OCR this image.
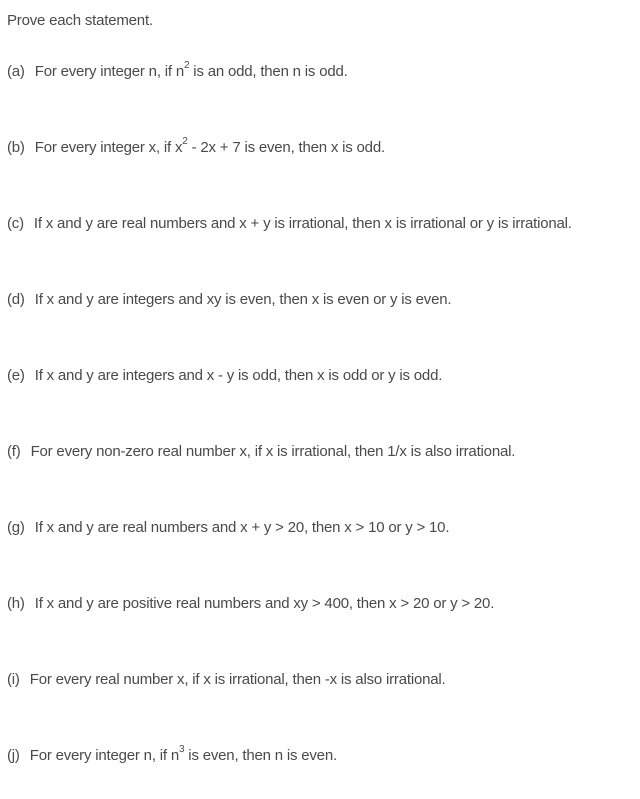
Prove each statement.
(a) For every integer n, if $n^2$ is an odd, then n is odd.
(b) For every integer x, if $x^2 - 2x + 7$ is even, then x is odd.
(c) If x and y are real numbers and x + y is irrational, then x is irrational or y is irrational.
(d) If x and y are integers and xy is even, then x is even or y is even.
(e) If x and y are integers and x - y is odd, then x is odd or y is odd.
(f) For every non-zero real number x, if x is irrational, then 1/x is also irrational.
(g) If x and y are real numbers and x + y > 20, then x > 10 or y > 10.
(h) If x and y are positive real numbers and xy > 400, then x > 20 or y > 20.
(i) For every real number x, if x is irrational, then -x is also irrational.
(j) For every integer n, if $n^3$ is even, then n is even.
